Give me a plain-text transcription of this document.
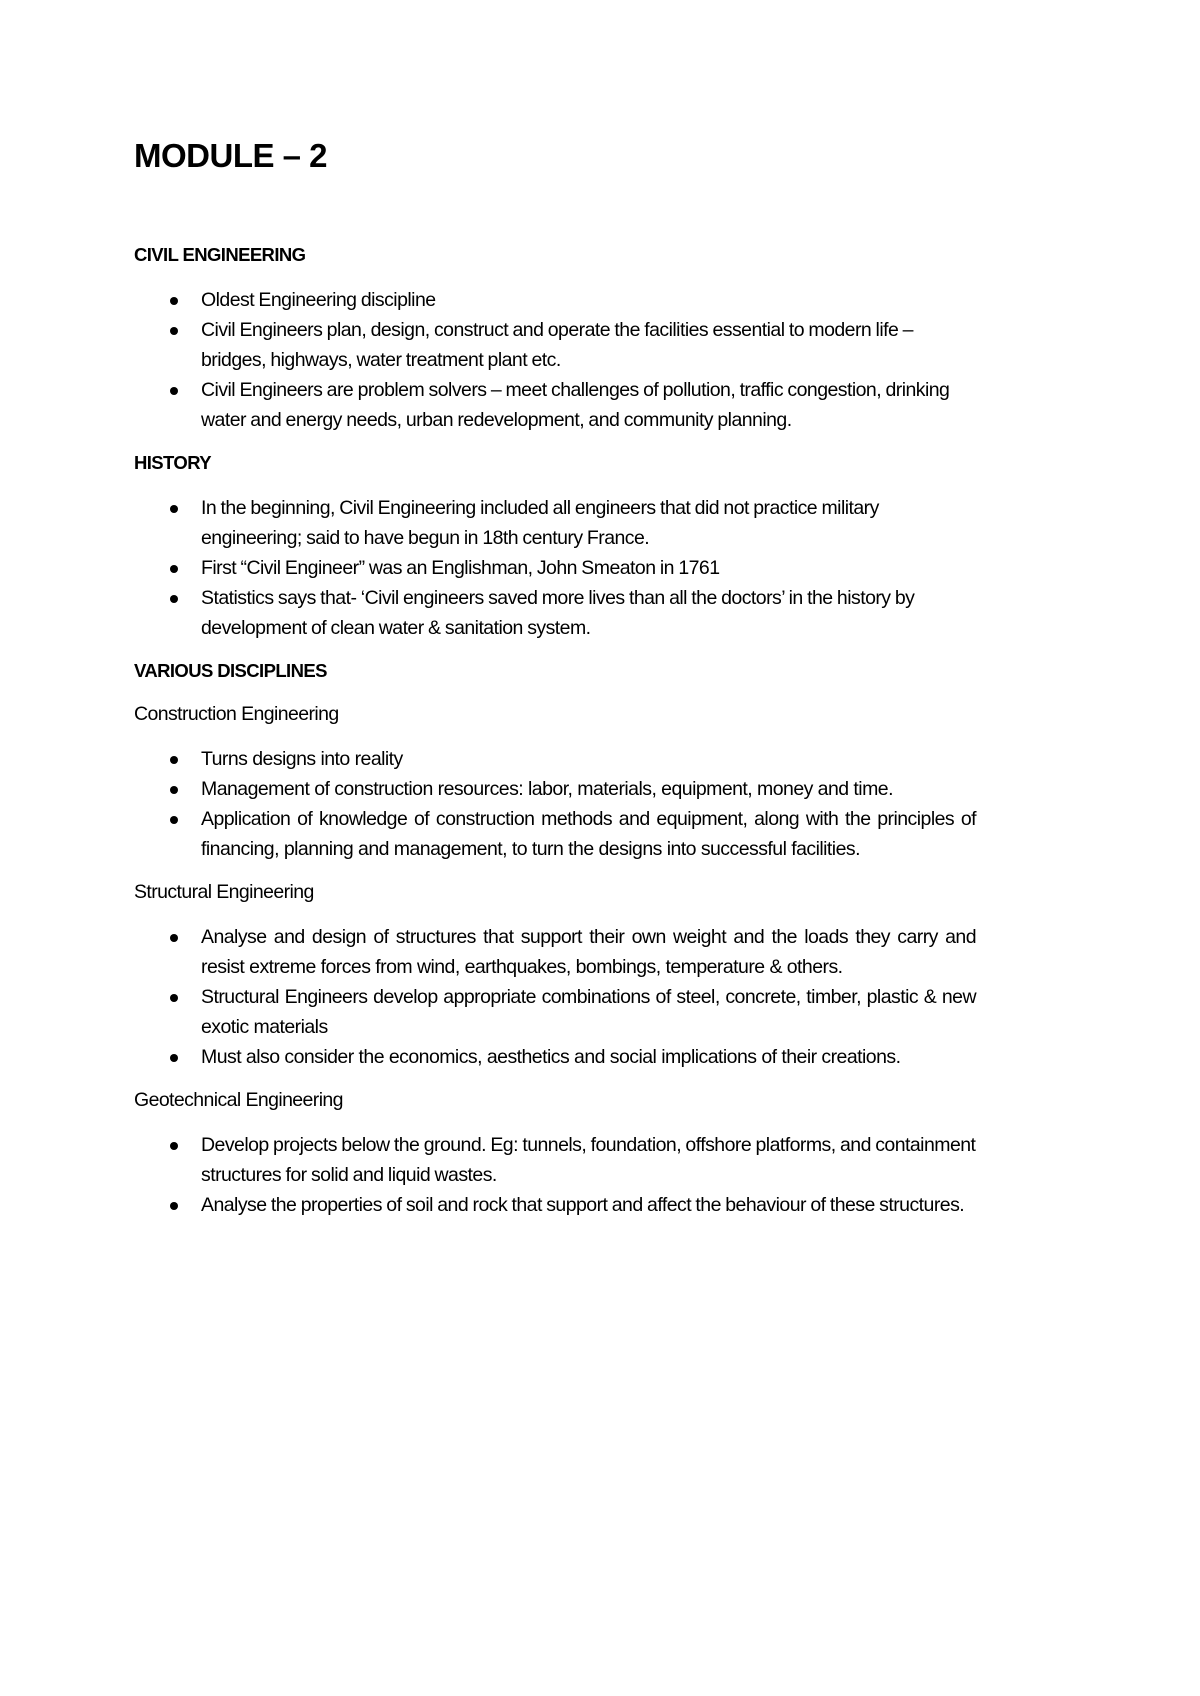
MODULE – 2
CIVIL ENGINEERING
Oldest Engineering discipline
Civil Engineers plan, design, construct and operate the facilities essential to modern life – bridges, highways, water treatment plant etc.
Civil Engineers are problem solvers – meet challenges of pollution, traffic congestion, drinking water and energy needs, urban redevelopment, and community planning.
HISTORY
In the beginning, Civil Engineering included all engineers that did not practice military engineering; said to have begun in 18th century France.
First “Civil Engineer” was an Englishman, John Smeaton in 1761
Statistics says that- ‘Civil engineers saved more lives than all the doctors’ in the history by development of clean water & sanitation system.
VARIOUS DISCIPLINES
Construction Engineering
Turns designs into reality
Management of construction resources: labor, materials, equipment, money and time.
Application of knowledge of construction methods and equipment, along with the principles of financing, planning and management, to turn the designs into successful facilities.
Structural Engineering
Analyse and design of structures that support their own weight and the loads they carry and resist extreme forces from wind, earthquakes, bombings, temperature & others.
Structural Engineers develop appropriate combinations of steel, concrete, timber, plastic & new exotic materials
Must also consider the economics, aesthetics and social implications of their creations.
Geotechnical Engineering
Develop projects below the ground. Eg: tunnels, foundation, offshore platforms, and containment structures for solid and liquid wastes.
Analyse the properties of soil and rock that support and affect the behaviour of these structures.
